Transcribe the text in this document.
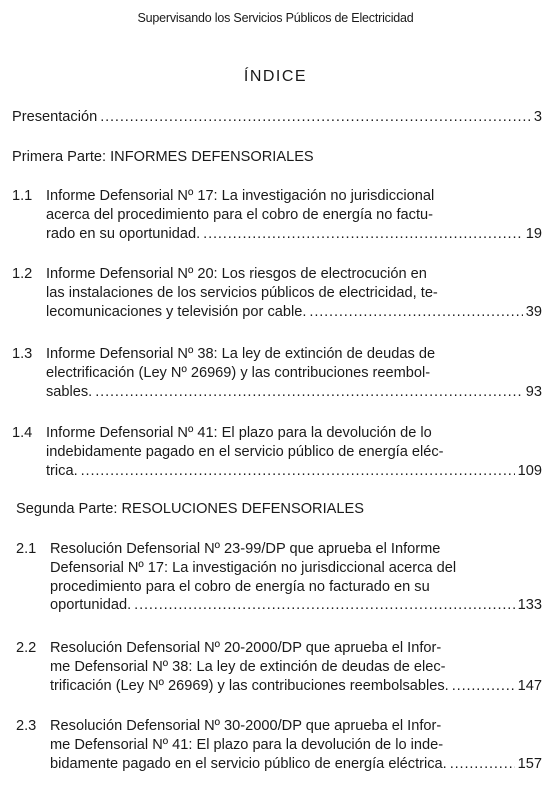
Supervisando los Servicios Públicos de Electricidad
ÍNDICE
Presentación . . .	3
Primera Parte: INFORMES DEFENSORIALES
1.1 Informe Defensorial Nº 17: La investigación no jurisdiccional
acerca del procedimiento para el cobro de energía no factu-
rado en su oportunidad. . . .	19
1.2 Informe Defensorial Nº 20: Los riesgos de electrocución en
las instalaciones de los servicios públicos de electricidad, te-
lecomunicaciones y televisión por cable. . . .	39
1.3 Informe Defensorial Nº 38: La ley de extinción de deudas de
electrificación (Ley Nº 26969) y las contribuciones reembol-
sables. . . .	93
1.4 Informe Defensorial Nº 41: El plazo para la devolución de lo
indebidamente pagado en el servicio público de energía eléc-
trica. . . .	109
Segunda Parte: RESOLUCIONES DEFENSORIALES
2.1 Resolución Defensorial Nº 23-99/DP que aprueba el Informe
Defensorial Nº 17: La investigación no jurisdiccional acerca del
procedimiento para el cobro de energía no facturado en su
oportunidad. . . .	133
2.2 Resolución Defensorial Nº 20-2000/DP que aprueba el Infor-
me Defensorial Nº 38: La ley de extinción de deudas de elec-
trificación (Ley Nº 26969) y las contribuciones reembolsables. . . .	147
2.3 Resolución Defensorial Nº 30-2000/DP que aprueba el Infor-
me Defensorial Nº 41: El plazo para la devolución de lo inde-
bidamente pagado en el servicio público de energía eléctrica. . . .	157
